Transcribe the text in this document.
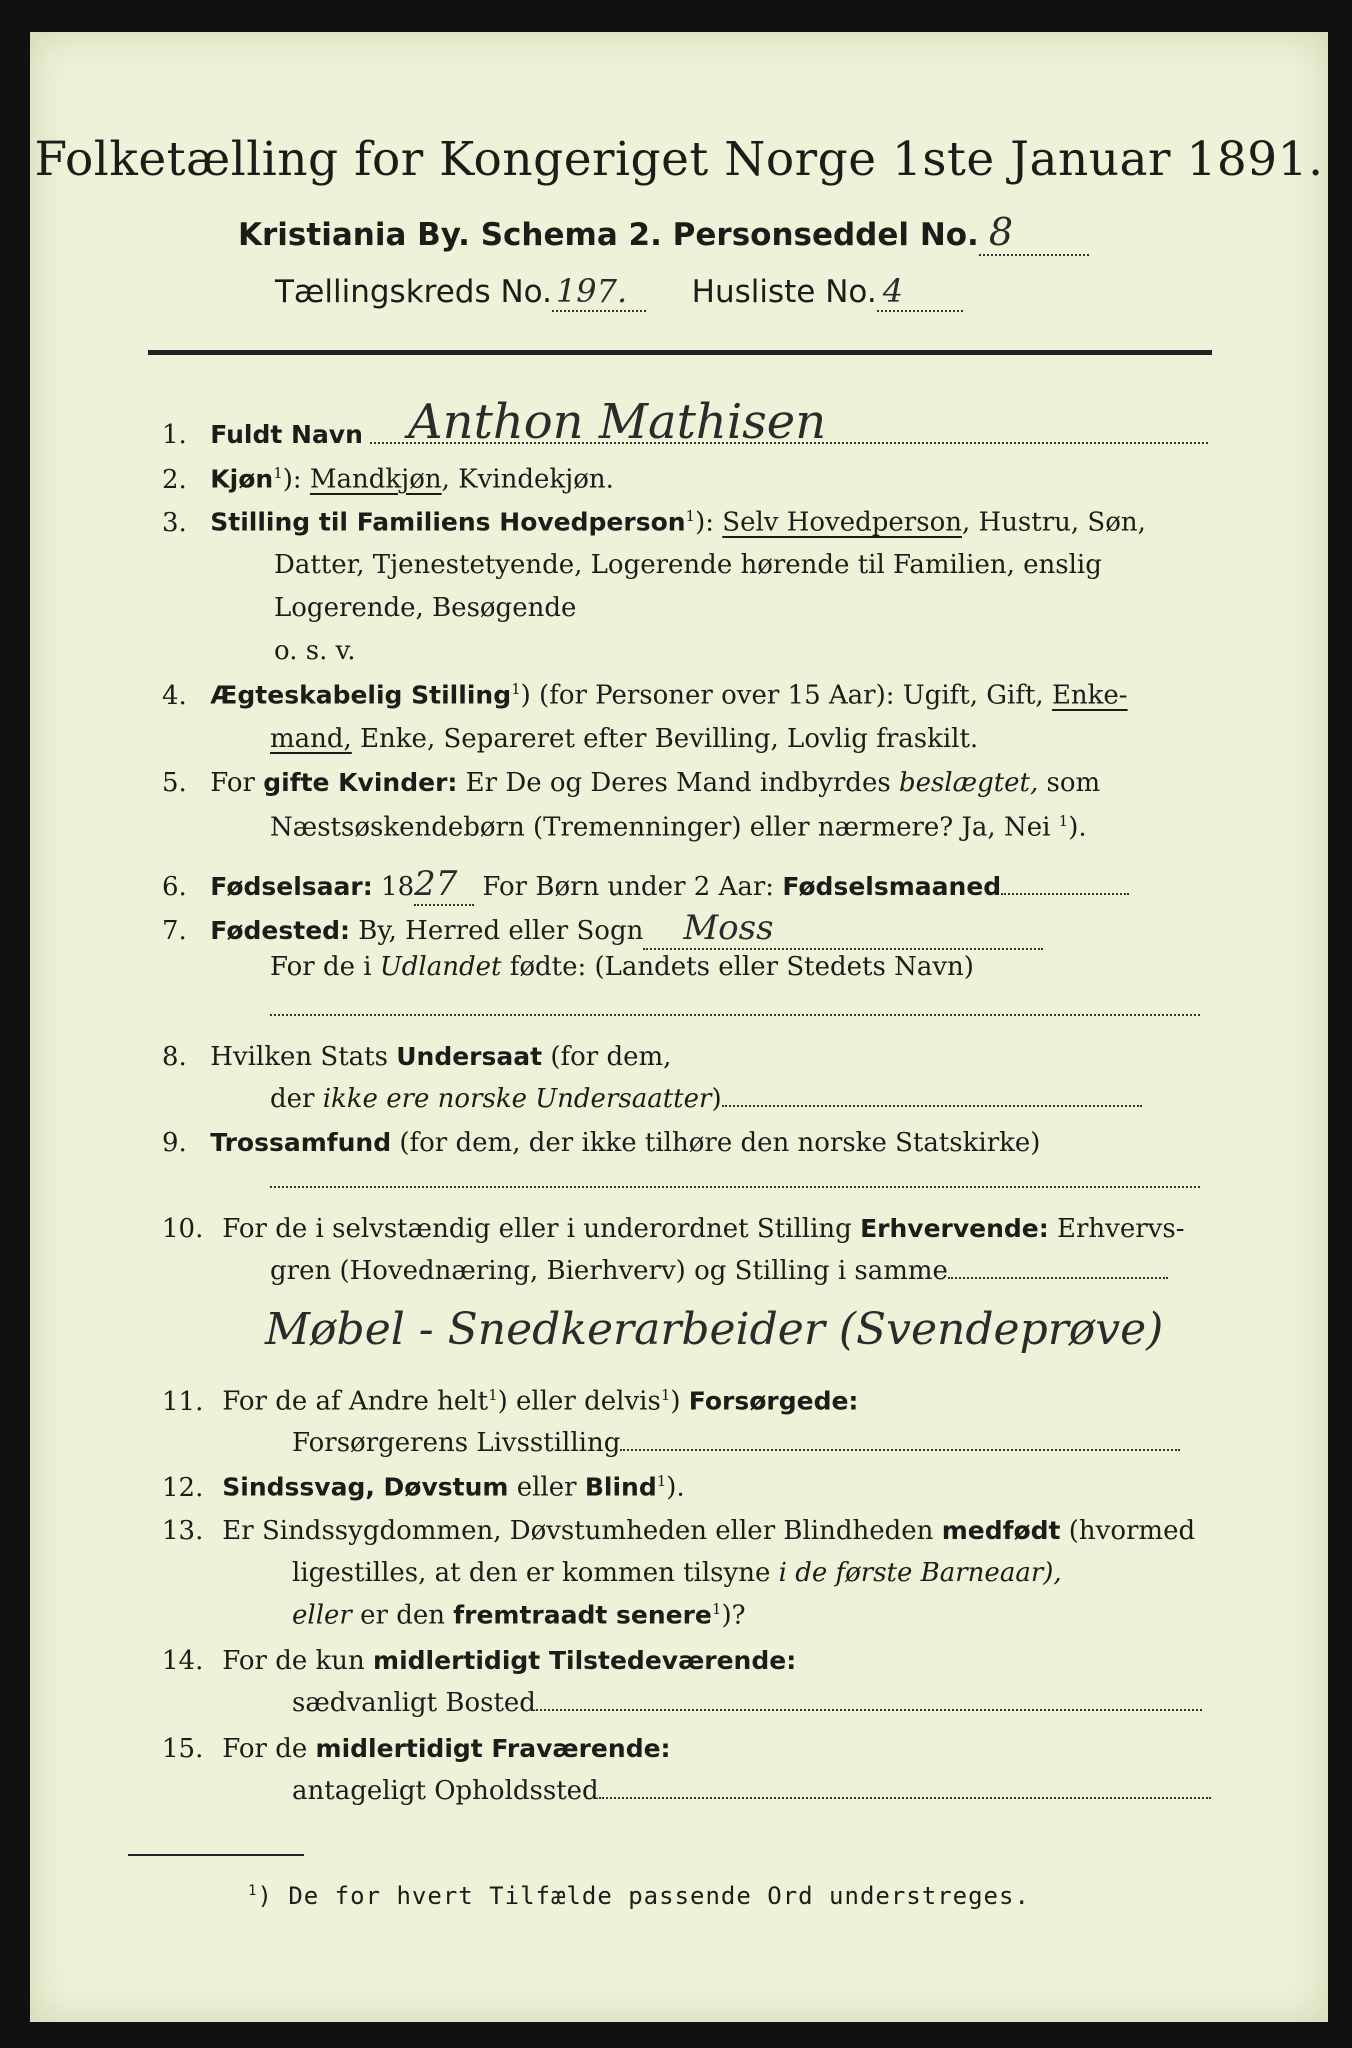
Folketælling for Kongeriget Norge 1ste Januar 1891.
Kristiania By. Schema 2. Personseddel No. 8
Tællingskreds No. 197. Husliste No. 4
1. Fuldt Navn Anthon Mathisen
2. Kjøn$^1$): Mandkjøn, Kvindekjøn.
3. Stilling til Familiens Hovedperson$^1$): Selv Hovedperson, Hustru, Søn,
Datter, Tjenestetyende, Logerende hørende til Familien, enslig
Logerende, Besøgende
o. s. v.
4. Ægteskabelig Stilling$^1$) (for Personer over 15 Aar): Ugift, Gift, Enke-
mand, Enke, Separeret efter Bevilling, Lovlig fraskilt.
5. For gifte Kvinder: Er De og Deres Mand indbyrdes beslægtet, som
Næstsøskendebørn (Tremenninger) eller nærmere? Ja, Nei $^1$).
6. Fødselsaar: 1827 For Børn under 2 Aar: Fødselsmaaned
7. Fødested: By, Herred eller Sogn Moss
For de i Udlandet fødte: (Landets eller Stedets Navn)
8. Hvilken Stats Undersaat (for dem,
der ikke ere norske Undersaatter)
9. Trossamfund (for dem, der ikke tilhøre den norske Statskirke)
10. For de i selvstændig eller i underordnet Stilling Erhvervende: Erhvervs-
gren (Hovednæring, Bierhverv) og Stilling i samme
Møbel - Snedkerarbeider (Svendeprøve)
11. For de af Andre helt$^1$) eller delvis$^1$) Forsørgede:
Forsørgerens Livsstilling
12. Sindssvag, Døvstum eller Blind$^1$).
13. Er Sindssygdommen, Døvstumheden eller Blindheden medfødt (hvormed
ligestilles, at den er kommen tilsyne i de første Barneaar),
eller er den fremtraadt senere$^1$)?
14. For de kun midlertidigt Tilstedeværende:
sædvanligt Bosted
15. For de midlertidigt Fraværende:
antageligt Opholdssted
$^1$) De for hvert Tilfælde passende Ord understreges.
